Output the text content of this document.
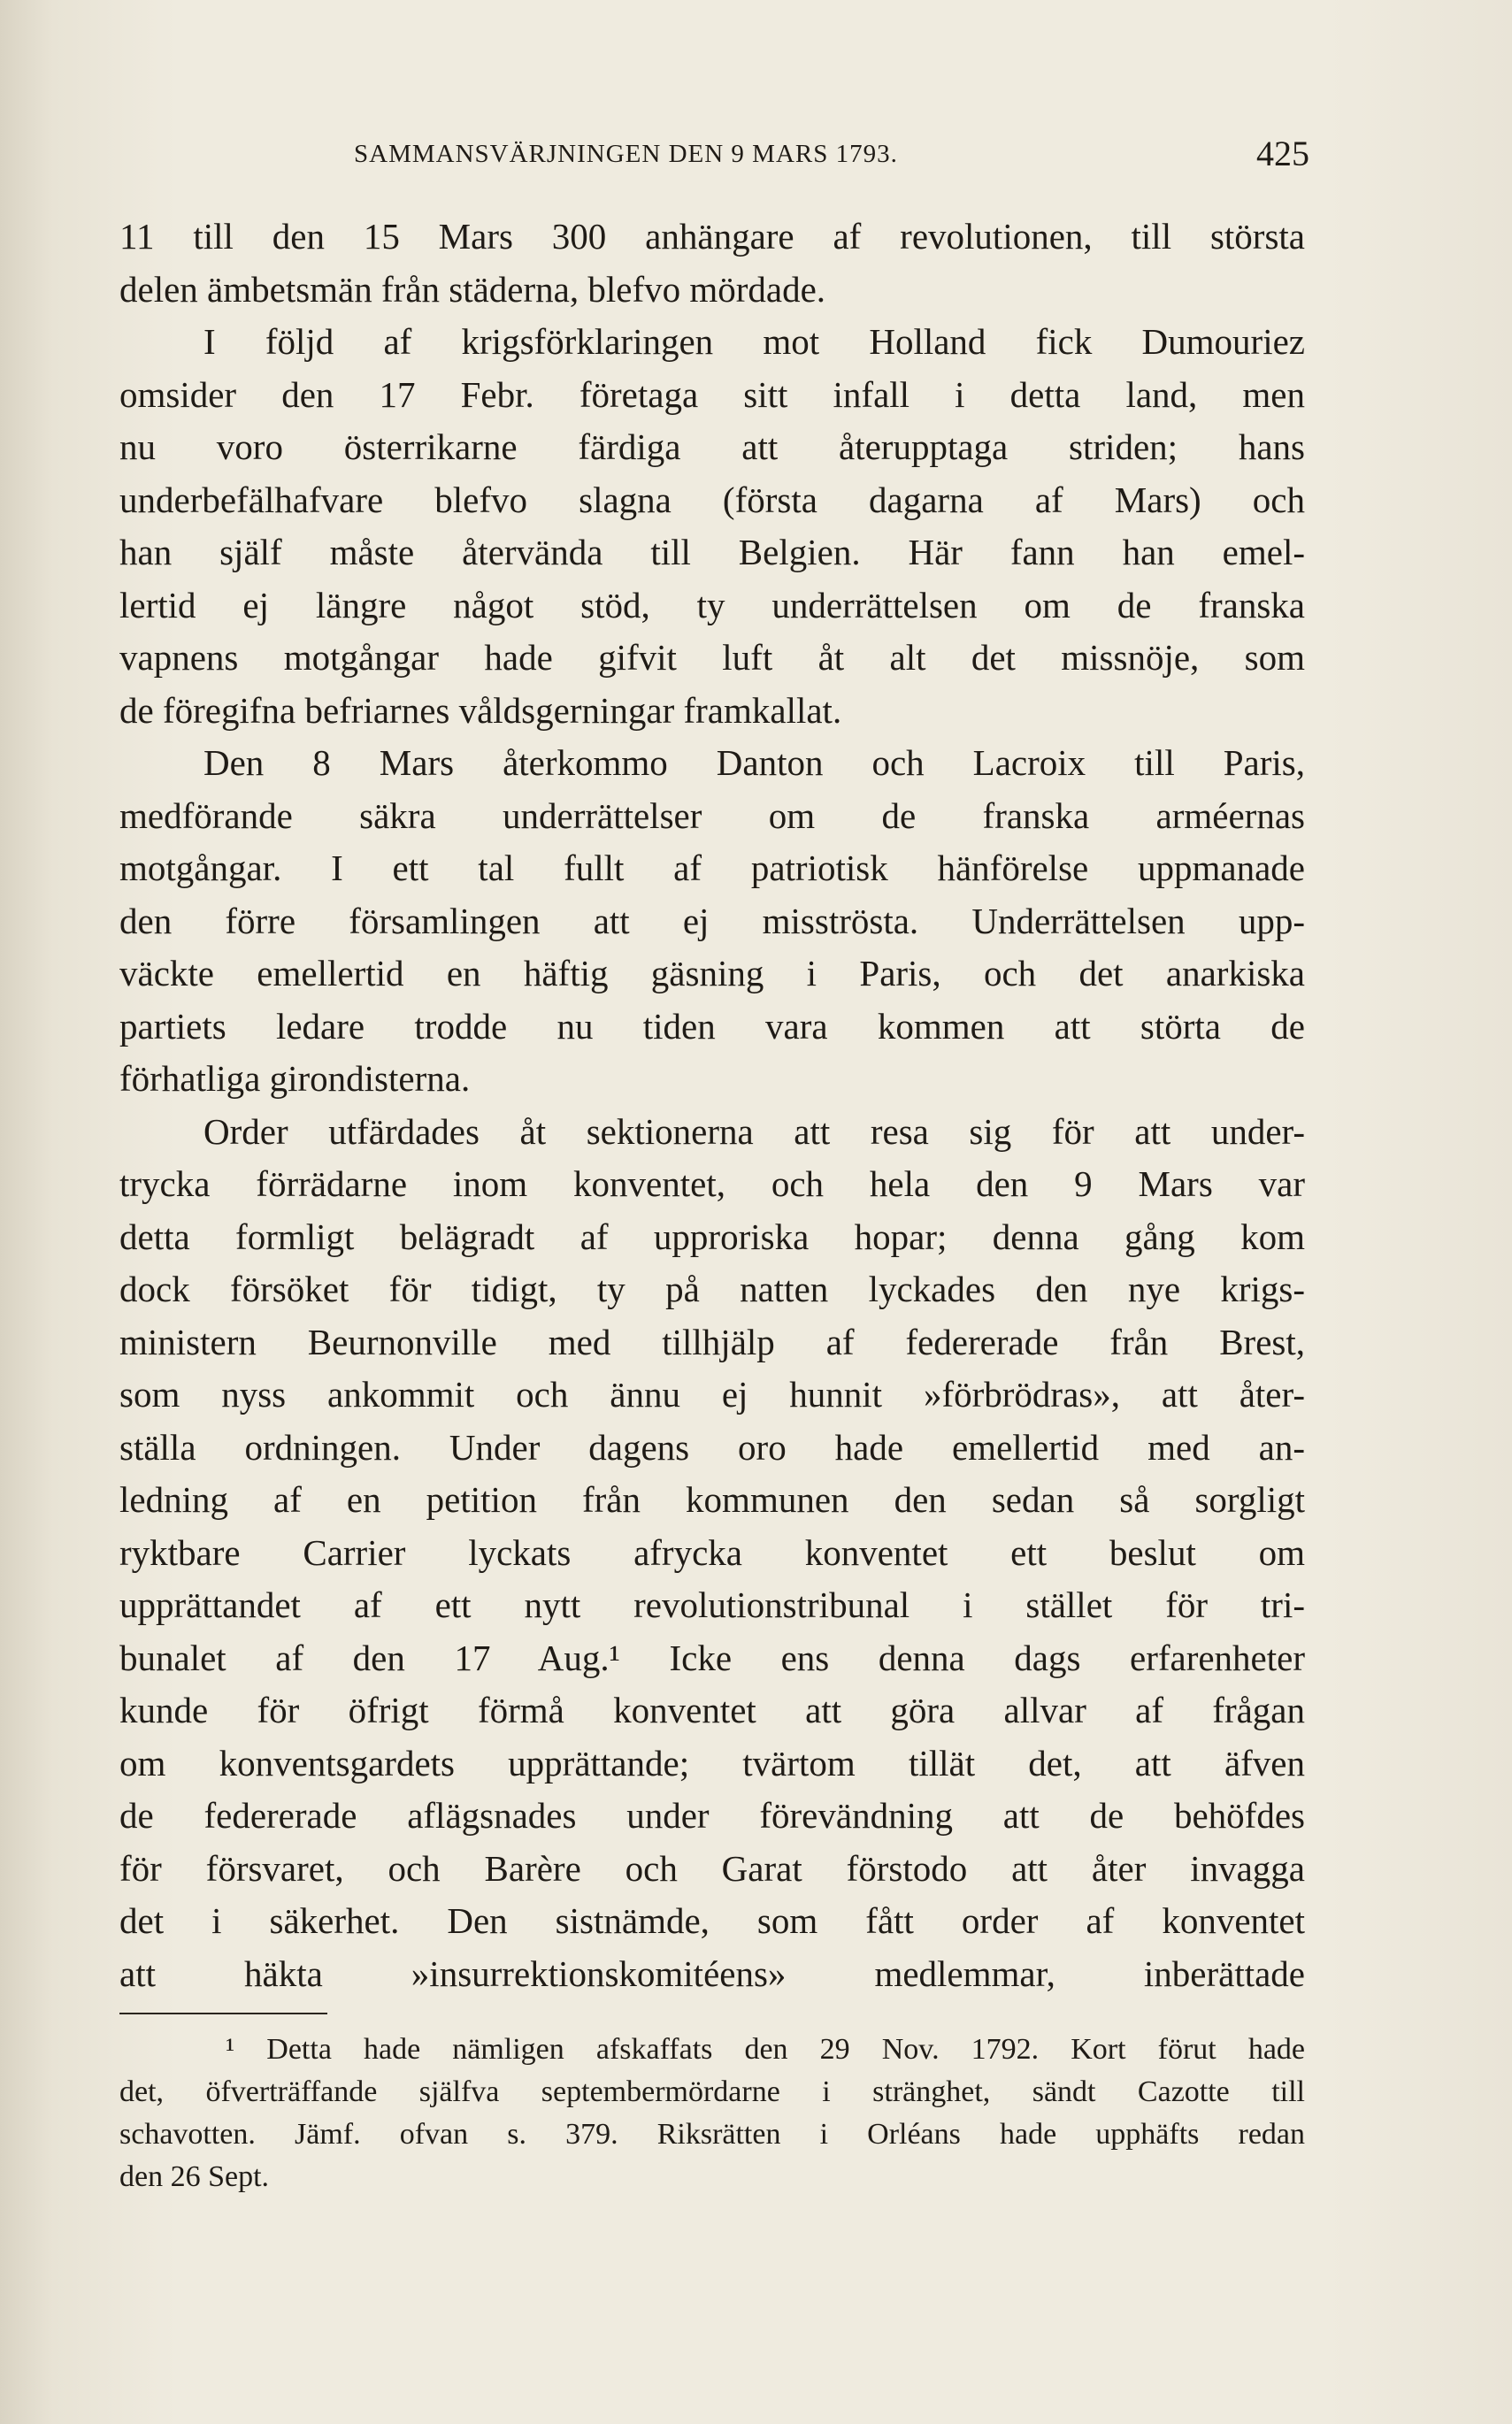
SAMMANSVÄRJNINGEN DEN 9 MARS 1793.	425
11 till den 15 Mars 300 anhängare af revolutionen, till största
delen ämbetsmän från städerna, blefvo mördade.
I följd af krigsförklaringen mot Holland fick Dumouriez
omsider den 17 Febr. företaga sitt infall i detta land, men
nu voro österrikarne färdiga att återupptaga striden; hans
underbefälhafvare blefvo slagna (första dagarna af Mars) och
han själf måste återvända till Belgien. Här fann han emel-
lertid ej längre något stöd, ty underrättelsen om de franska
vapnens motgångar hade gifvit luft åt alt det missnöje, som
de föregifna befriarnes våldsgerningar framkallat.
Den 8 Mars återkommo Danton och Lacroix till Paris,
medförande säkra underrättelser om de franska arméernas
motgångar. I ett tal fullt af patriotisk hänförelse uppmanade
den förre församlingen att ej misströsta. Underrättelsen upp-
väckte emellertid en häftig gäsning i Paris, och det anarkiska
partiets ledare trodde nu tiden vara kommen att störta de
förhatliga girondisterna.
Order utfärdades åt sektionerna att resa sig för att under-
trycka förrädarne inom konventet, och hela den 9 Mars var
detta formligt belägradt af upproriska hopar; denna gång kom
dock försöket för tidigt, ty på natten lyckades den nye krigs-
ministern Beurnonville med tillhjälp af federerade från Brest,
som nyss ankommit och ännu ej hunnit »förbrödras», att åter-
ställa ordningen. Under dagens oro hade emellertid med an-
ledning af en petition från kommunen den sedan så sorgligt
ryktbare Carrier lyckats afrycka konventet ett beslut om
upprättandet af ett nytt revolutionstribunal i stället för tri-
bunalet af den 17 Aug.¹ Icke ens denna dags erfarenheter
kunde för öfrigt förmå konventet att göra allvar af frågan
om konventsgardets upprättande; tvärtom tillät det, att äfven
de federerade aflägsnades under förevändning att de behöfdes
för försvaret, och Barère och Garat förstodo att åter invagga
det i säkerhet. Den sistnämde, som fått order af konventet
att häkta »insurrektionskomitéens» medlemmar, inberättade
¹ Detta hade nämligen afskaffats den 29 Nov. 1792. Kort förut hade
det, öfverträffande själfva septembermördarne i stränghet, sändt Cazotte till
schavotten. Jämf. ofvan s. 379. Riksrätten i Orléans hade upphäfts redan
den 26 Sept.
